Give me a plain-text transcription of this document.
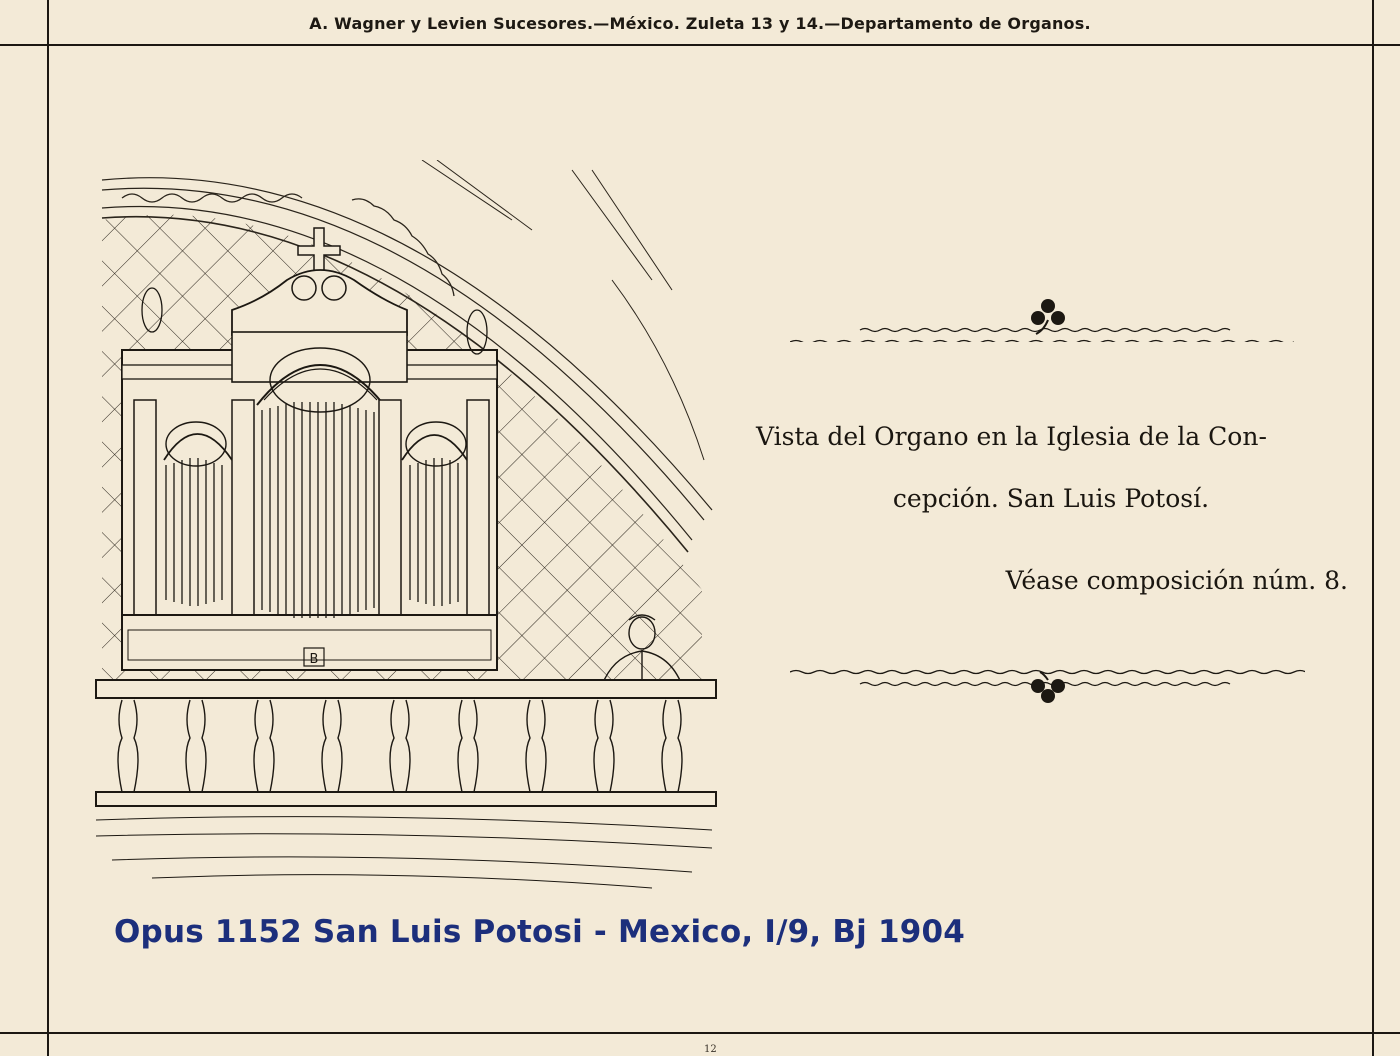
A. Wagner y Levien Sucesores.—México. Zuleta 13 y 14.—Departamento de Organos.
B
Vista del Organo en la Iglesia de la Con-
cepción. San Luis Potosí.
Véase composición núm. 8.
Opus 1152 San Luis Potosi - Mexico, I/9, Bj 1904
12
